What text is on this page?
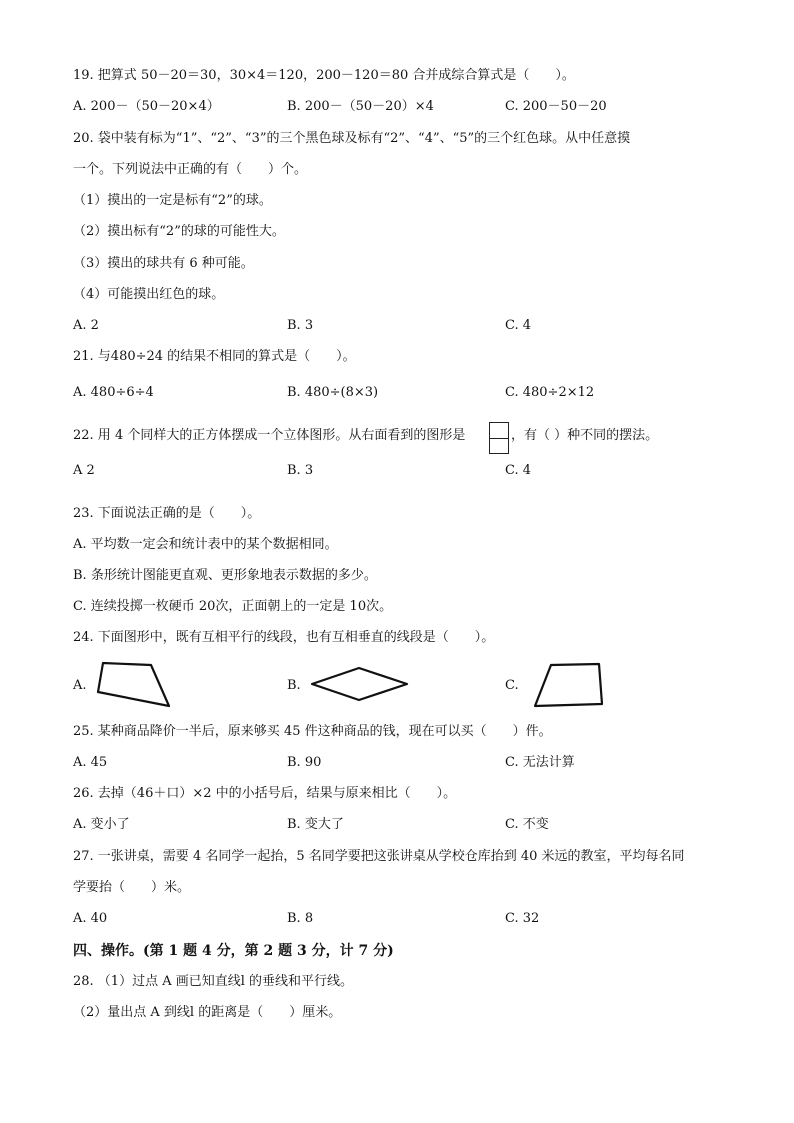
19. 把算式 50－20＝30，30×4＝120，200－120＝80 合并成综合算式是（　　）。
A. 200－（50－20×4）	B. 200－（50－20）×4	C. 200－50－20
20. 袋中装有标为“1”、“2”、“3”的三个黑色球及标有“2”、“4”、“5”的三个红色球。从中任意摸
一个。下列说法中正确的有（　　）个。
（1）摸出的一定是标有“2”的球。
（2）摸出标有“2”的球的可能性大。
（3）摸出的球共有 6 种可能。
（4）可能摸出红色的球。
A. 2	B. 3	C. 4
21. 与480÷24 的结果不相同的算式是（　　）。
A. 480÷6÷4	B. 480÷(8×3)	C. 480÷2×12
22. 用 4 个同样大的正方体摆成一个立体图形。从右面看到的图形是	，有（ ）种不同的摆法。
A 2	B. 3	C. 4
23. 下面说法正确的是（　　）。
A. 平均数一定会和统计表中的某个数据相同。
B. 条形统计图能更直观、更形象地表示数据的多少。
C. 连续投掷一枚硬币 20次，正面朝上的一定是 10次。
24. 下面图形中，既有互相平行的线段，也有互相垂直的线段是（　　）。
A.	B.	C.
25. 某种商品降价一半后，原来够买 45 件这种商品的钱，现在可以买（　　）件。
A. 45	B. 90	C. 无法计算
26. 去掉（46＋口）×2 中的小括号后，结果与原来相比（　　）。
A. 变小了	B. 变大了	C. 不变
27. 一张讲桌，需要 4 名同学一起抬，5 名同学要把这张讲桌从学校仓库抬到 40 米远的教室，平均每名同
学要抬（　　）米。
A. 40	B. 8	C. 32
四、操作。(第 1 题 4 分，第 2 题 3 分，计 7 分)
28. （1）过点 A 画已知直线l 的垂线和平行线。
（2）量出点 A 到线l 的距离是（　　）厘米。
